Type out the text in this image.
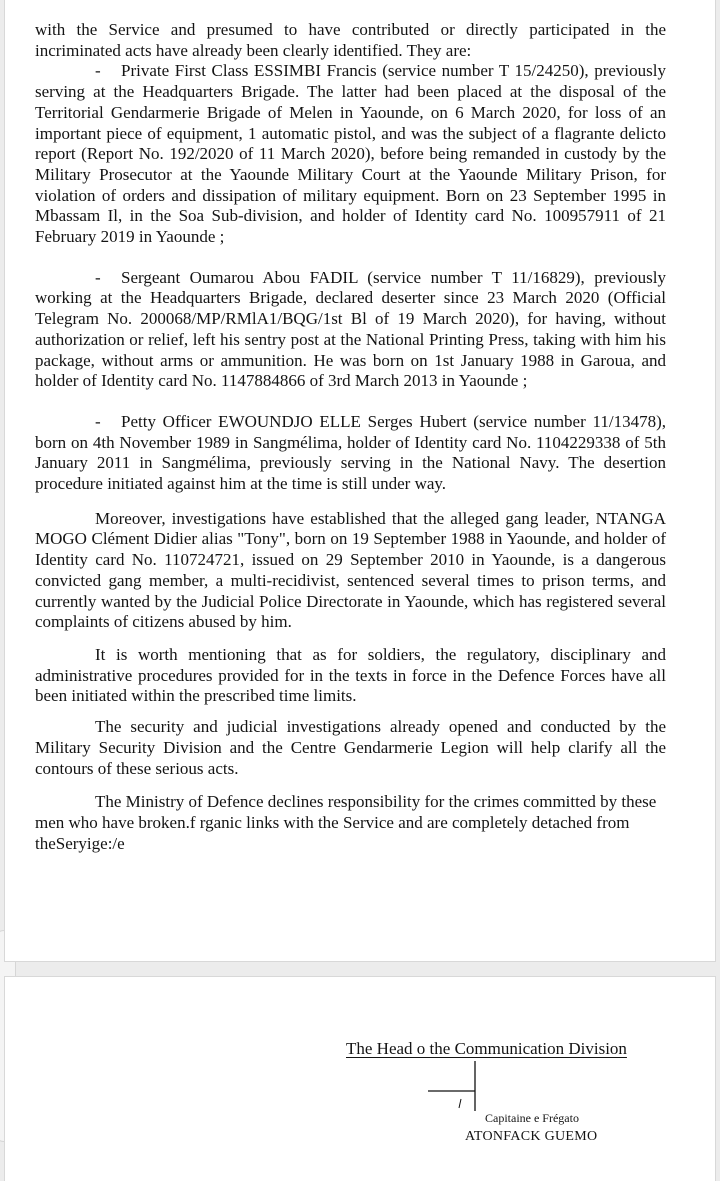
with the Service and presumed to have contributed or directly participated in the incriminated acts have already been clearly identified. They are:

- Private First Class ESSIMBI Francis (service number T 15/24250), previously serving at the Headquarters Brigade. The latter had been placed at the disposal of the Territorial Gendarmerie Brigade of Melen in Yaounde, on 6 March 2020, for loss of an important piece of equipment, 1 automatic pistol, and was the subject of a flagrante delicto report (Report No. 192/2020 of 11 March 2020), before being remanded in custody by the Military Prosecutor at the Yaounde Military Court at the Yaounde Military Prison, for violation of orders and dissipation of military equipment. Born on 23 September 1995 in Mbassam Il, in the Soa Sub-division, and holder of Identity card No. 100957911 of 21 February 2019 in Yaounde ;

- Sergeant Oumarou Abou FADIL (service number T 11/16829), previously working at the Headquarters Brigade, declared deserter since 23 March 2020 (Official Telegram No. 200068/MP/RMlA1/BQG/1st Bl of 19 March 2020), for having, without authorization or relief, left his sentry post at the National Printing Press, taking with him his package, without arms or ammunition. He was born on 1st January 1988 in Garoua, and holder of Identity card No. 1147884866 of 3rd March 2013 in Yaounde ;

- Petty Officer EWOUNDJO ELLE Serges Hubert (service number 11/13478), born on 4th November 1989 in Sangmélima, holder of Identity card No. 1104229338 of 5th January 2011 in Sangmélima, previously serving in the National Navy. The desertion procedure initiated against him at the time is still under way.

Moreover, investigations have established that the alleged gang leader, NTANGA MOGO Clément Didier alias "Tony", born on 19 September 1988 in Yaounde, and holder of Identity card No. 110724721, issued on 29 September 2010 in Yaounde, is a dangerous convicted gang member, a multi-recidivist, sentenced several times to prison terms, and currently wanted by the Judicial Police Directorate in Yaounde, which has registered several complaints of citizens abused by him.

It is worth mentioning that as for soldiers, the regulatory, disciplinary and administrative procedures provided for in the texts in force in the Defence Forces have all been initiated within the prescribed time limits.

The security and judicial investigations already opened and conducted by the Military Security Division and the Centre Gendarmerie Legion will help clarify all the contours of these serious acts.

The Ministry of Defence declines responsibility for the crimes committed by these men who have broken.f rganic links with the Service and are completely detached from theSeryige:/e

The Head o the Communication Division
Capitaine e Frégato
ATONFACK GUEMO
